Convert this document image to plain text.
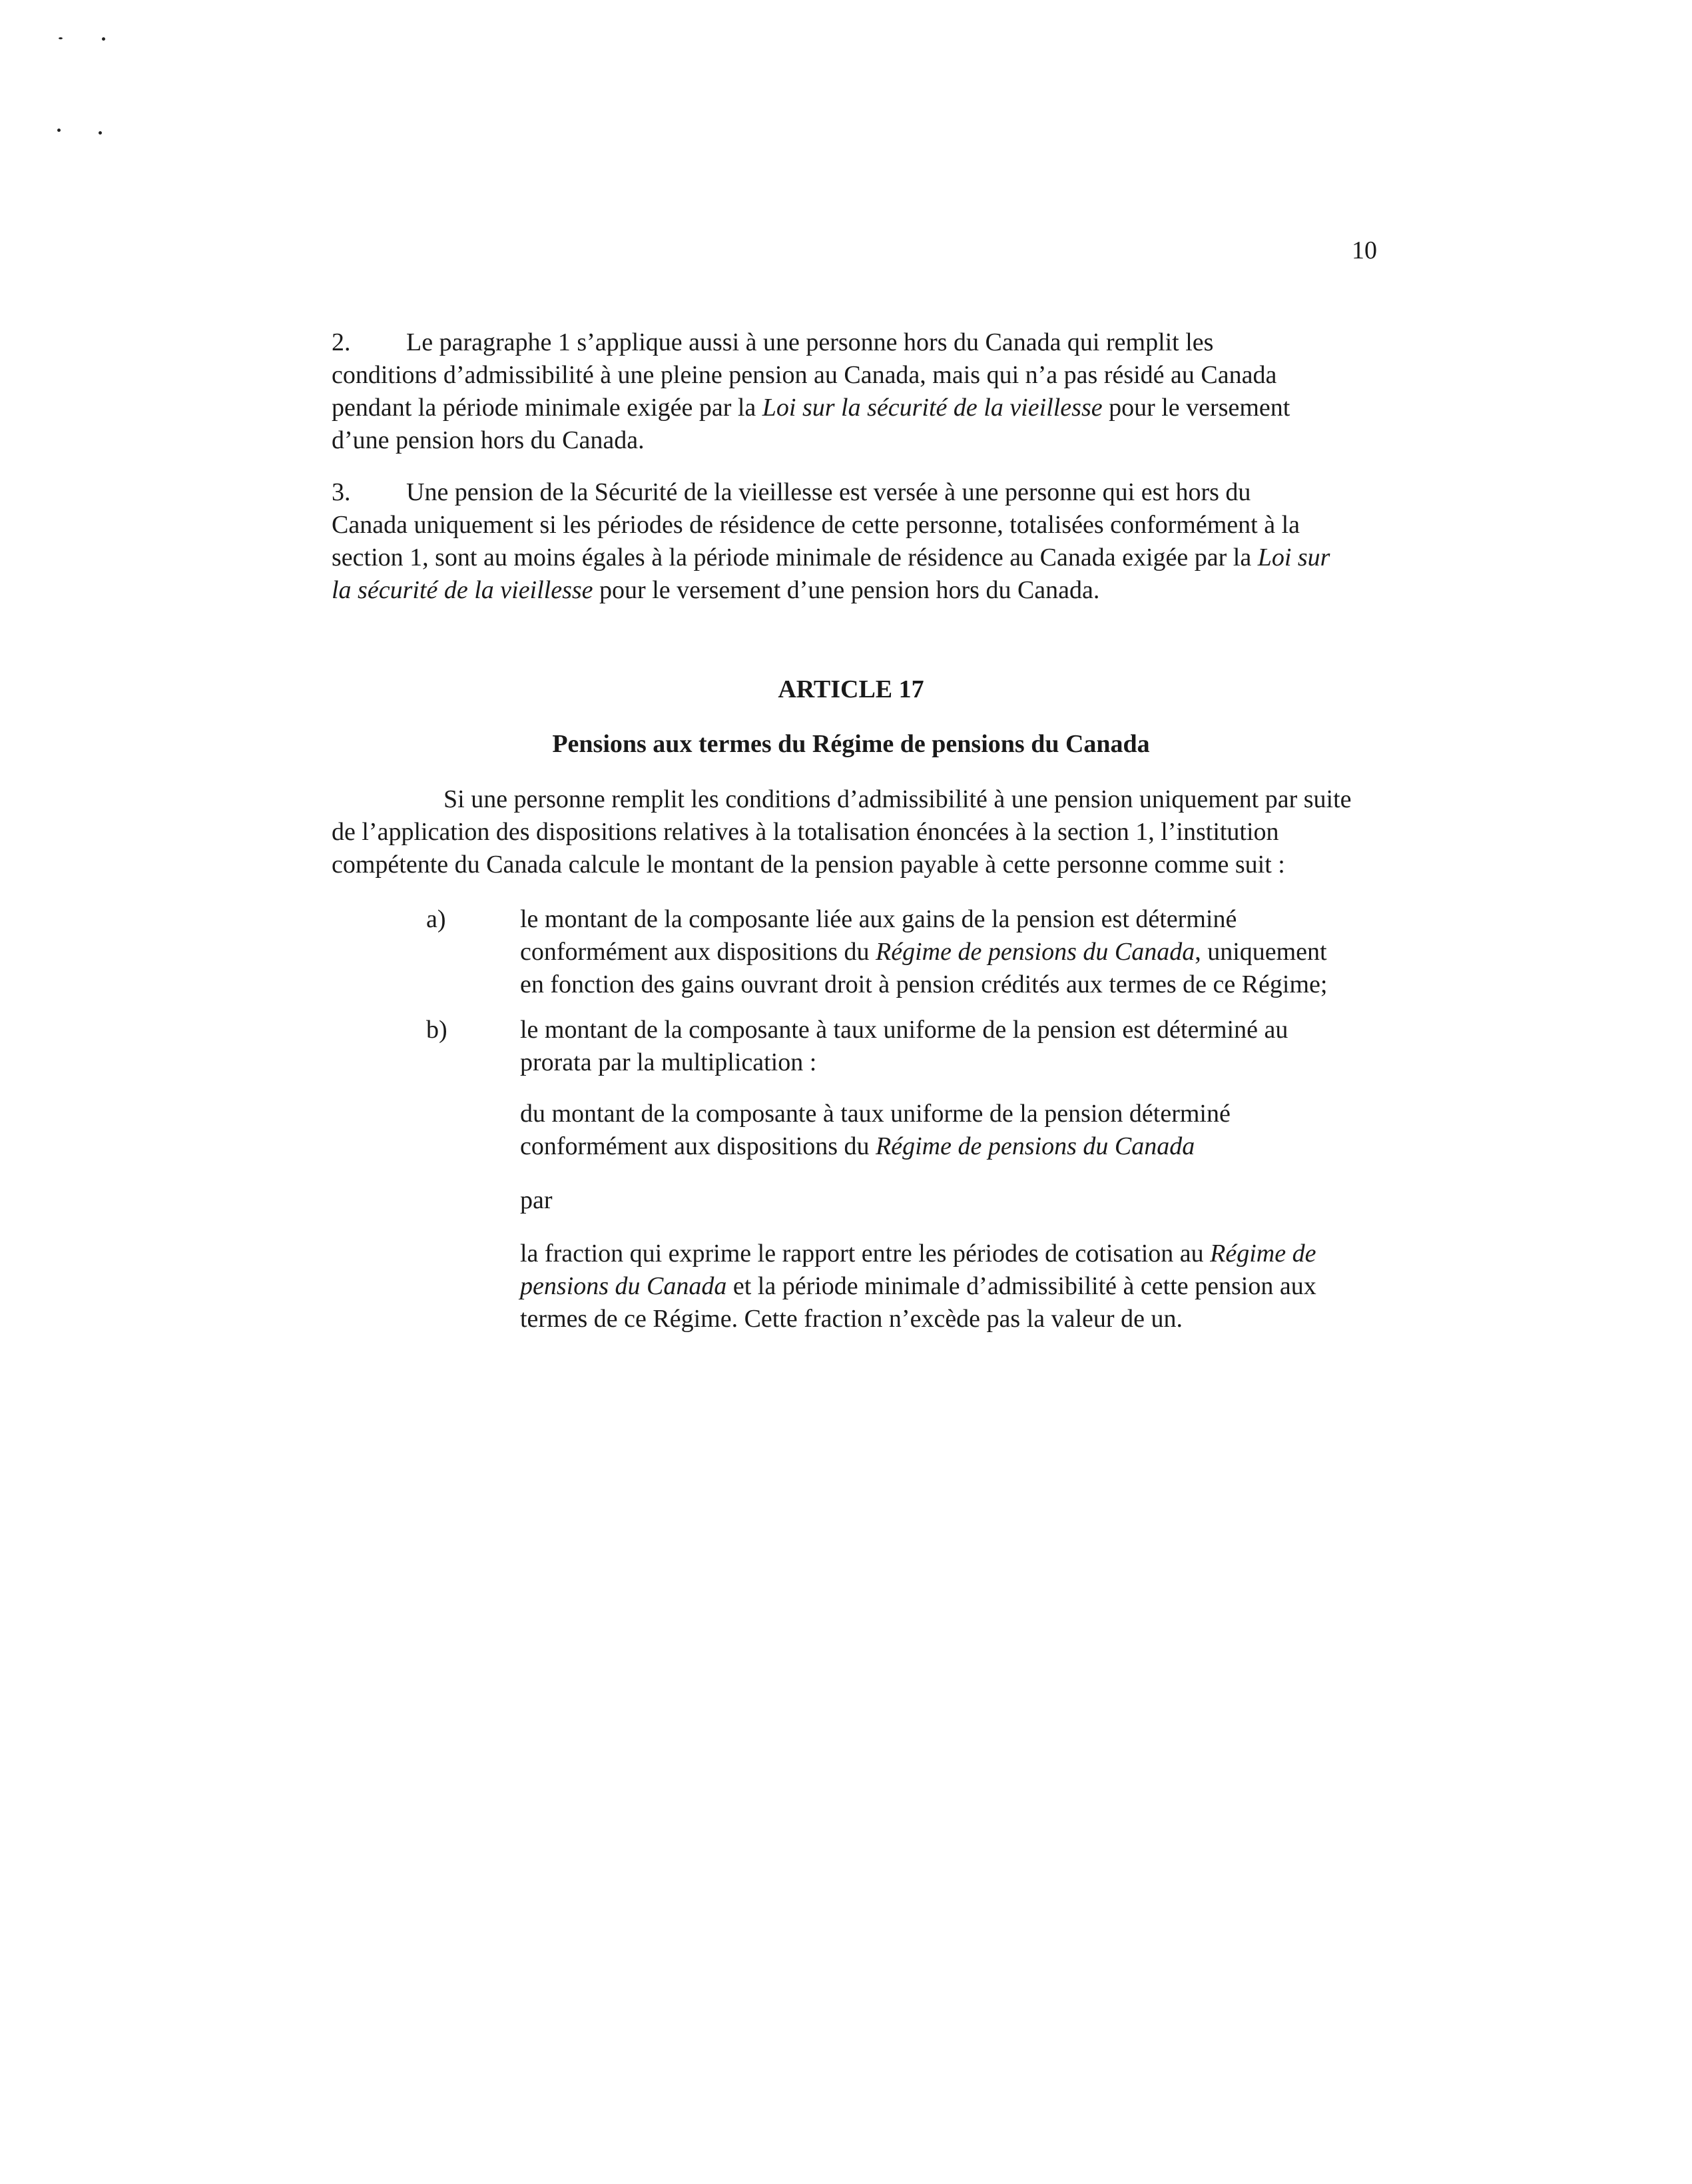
10
2. Le paragraphe 1 s’applique aussi à une personne hors du Canada qui remplit les
conditions d’admissibilité à une pleine pension au Canada, mais qui n’a pas résidé au Canada
pendant la période minimale exigée par la Loi sur la sécurité de la vieillesse pour le versement
d’une pension hors du Canada.
3. Une pension de la Sécurité de la vieillesse est versée à une personne qui est hors du
Canada uniquement si les périodes de résidence de cette personne, totalisées conformément à la
section 1, sont au moins égales à la période minimale de résidence au Canada exigée par la Loi sur
la sécurité de la vieillesse pour le versement d’une pension hors du Canada.
ARTICLE 17
Pensions aux termes du Régime de pensions du Canada
Si une personne remplit les conditions d’admissibilité à une pension uniquement par suite
de l’application des dispositions relatives à la totalisation énoncées à la section 1, l’institution
compétente du Canada calcule le montant de la pension payable à cette personne comme suit :
a)	le montant de la composante liée aux gains de la pension est déterminé
conformément aux dispositions du Régime de pensions du Canada, uniquement
en fonction des gains ouvrant droit à pension crédités aux termes de ce Régime;
b)	le montant de la composante à taux uniforme de la pension est déterminé au
prorata par la multiplication :
du montant de la composante à taux uniforme de la pension déterminé
conformément aux dispositions du Régime de pensions du Canada
par
la fraction qui exprime le rapport entre les périodes de cotisation au Régime de
pensions du Canada et la période minimale d’admissibilité à cette pension aux
termes de ce Régime. Cette fraction n’excède pas la valeur de un.
